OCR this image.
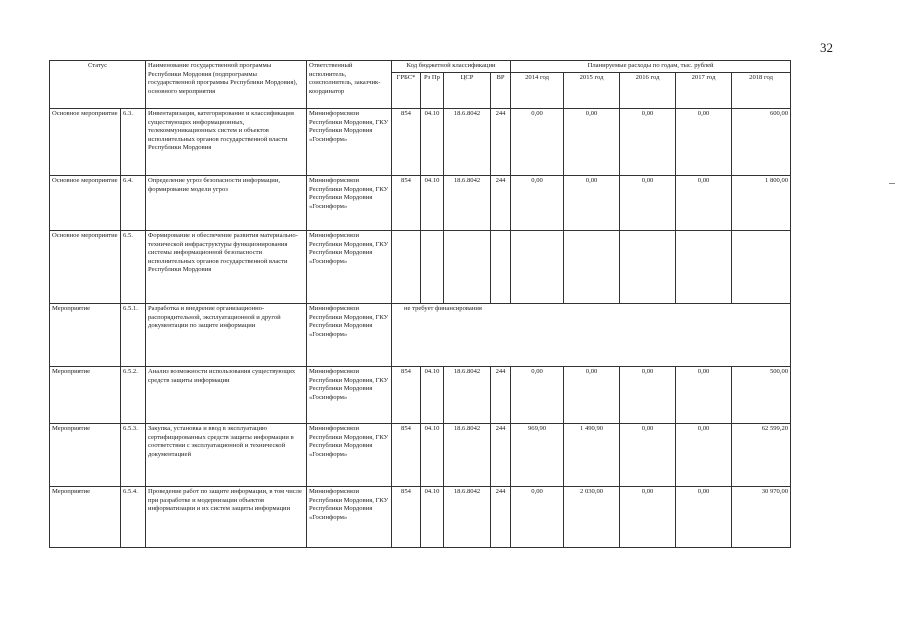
32
Статус		Наименование государственной программы Республики Мордовия (подпрограммы государственной программы Республики Мордовия), основного мероприятия	Ответственный исполнитель, соисполнитель, заказчик-координатор	Код бюджетной классификации				Планируемые расходы по годам, тыс. рублей				
				ГРБС*	Рз Пр	ЦСР	ВР	2014 год	2015 год	2016 год	2017 год	2018 год
Основное мероприятие	6.3.	Инвентаризация, категорирование и классификация существующих информационных, телекоммуникационных систем и объектов исполнительных органов государственной власти Республики Мордовия	Мининформсвязи Республики Мордовия, ГКУ Республики Мордовия «Госинформ»	854	04.10	18.6.8042	244	0,00	0,00	0,00	0,00	600,00
Основное мероприятие	6.4.	Определение угроз безопасности информации, формирование модели угроз	Мининформсвязи Республики Мордовия, ГКУ Республики Мордовия «Госинформ»	854	04.10	18.6.8042	244	0,00	0,00	0,00	0,00	1 800,00
Основное мероприятие	6.5.	Формирование и обеспечение развития материально-технической инфраструктуры функционирования системы информационной безопасности исполнительных органов государственной власти Республики Мордовия	Мининформсвязи Республики Мордовия, ГКУ Республики Мордовия «Госинформ»									
Мероприятие	6.5.1.	Разработка и внедрение организационно-распорядительной, эксплуатационной и другой документации по защите информации	Мининформсвязи Республики Мордовия, ГКУ Республики Мордовия «Госинформ»	не требует финансирования								
Мероприятие	6.5.2.	Анализ возможности использования существующих средств защиты информации	Мининформсвязи Республики Мордовия, ГКУ Республики Мордовия «Госинформ»	854	04.10	18.6.8042	244	0,00	0,00	0,00	0,00	500,00
Мероприятие	6.5.3.	Закупка, установка и ввод в эксплуатацию сертифицированных средств защиты информации в соответствии с эксплуатационной и технической документацией	Мининформсвязи Республики Мордовия, ГКУ Республики Мордовия «Госинформ»	854	04.10	18.6.8042	244	969,90	1 490,90	0,00	0,00	62 599,20
Мероприятие	6.5.4.	Проведение работ по защите информации, в том числе при разработке и модернизации объектов информатизации и их систем защиты информации	Мининформсвязи Республики Мордовия, ГКУ Республики Мордовия «Госинформ»	854	04.10	18.6.8042	244	0,00	2 030,00	0,00	0,00	30 970,00
